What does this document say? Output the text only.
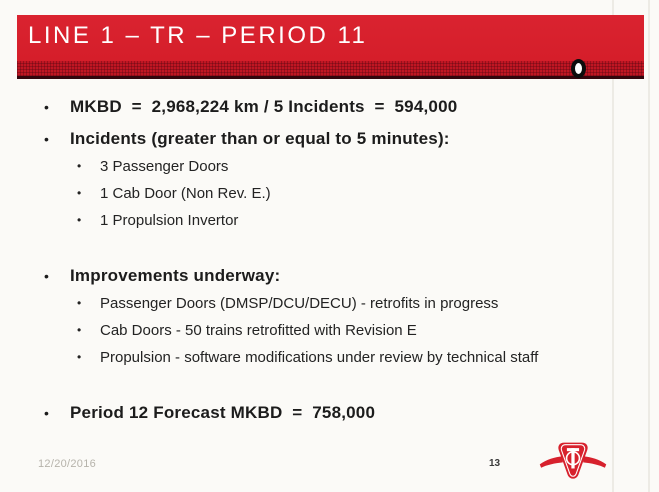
LINE 1 – TR – PERIOD 11
•	MKBD  =  2,968,224 km / 5 Incidents  =  594,000
•	Incidents (greater than or equal to 5 minutes):
•	3 Passenger Doors
•	1 Cab Door (Non Rev. E.)
•	1 Propulsion Invertor
•	Improvements underway:
•	Passenger Doors (DMSP/DCU/DECU) - retrofits in progress
•	Cab Doors - 50 trains retrofitted with Revision E
•	Propulsion - software modifications under review by technical staff
•	Period 12 Forecast MKBD  =  758,000
12/20/2016	13
